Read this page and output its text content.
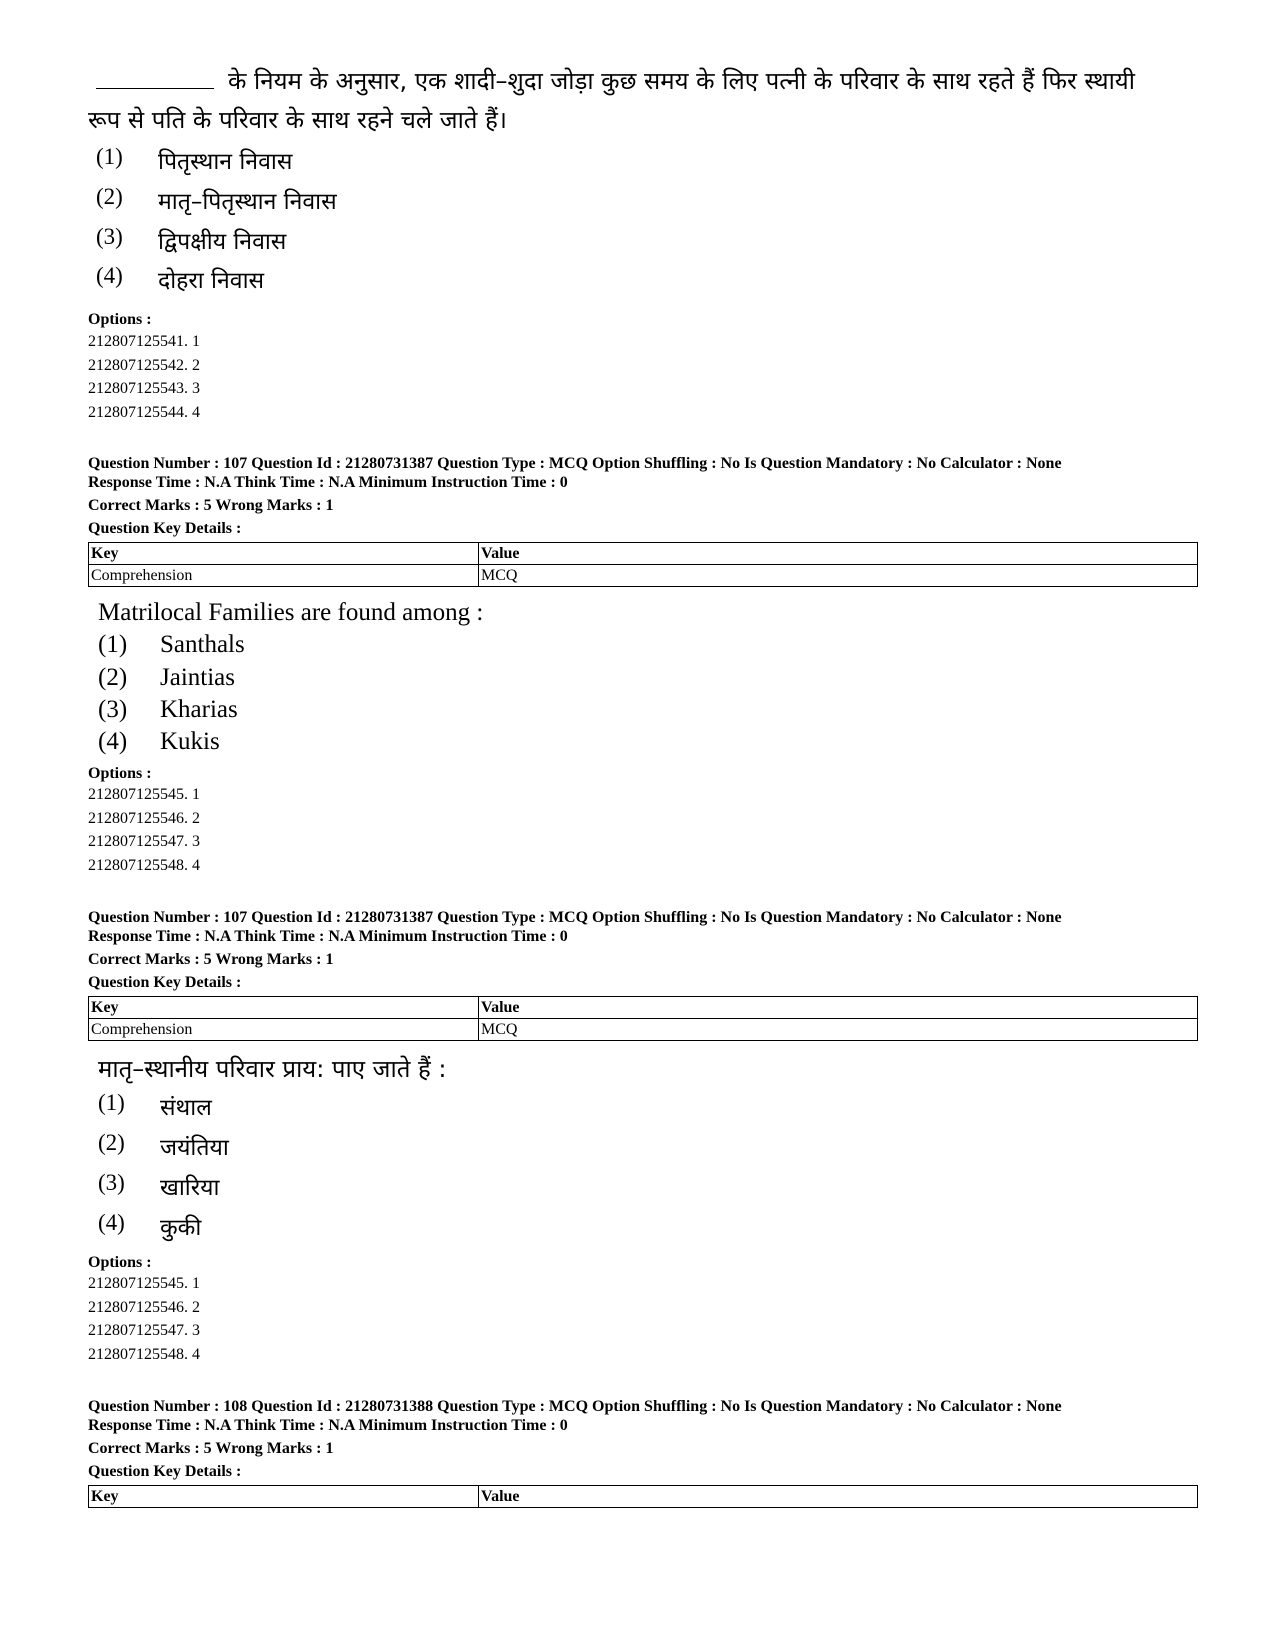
के नियम के अनुसार, एक शादी–शुदा जोड़ा कुछ समय के लिए पत्नी के परिवार के साथ रहते हैं फिर स्थायी
रूप से पति के परिवार के साथ रहने चले जाते हैं।
(1) पितृस्थान निवास
(2) मातृ–पितृस्थान निवास
(3) द्विपक्षीय निवास
(4) दोहरा निवास
Options :
212807125541. 1
212807125542. 2
212807125543. 3
212807125544. 4
Question Number : 107 Question Id : 21280731387 Question Type : MCQ Option Shuffling : No Is Question Mandatory : No Calculator : None
Response Time : N.A Think Time : N.A Minimum Instruction Time : 0
Correct Marks : 5 Wrong Marks : 1
Question Key Details :
Key	Value
Comprehension	MCQ
Matrilocal Families are found among :
(1) Santhals
(2) Jaintias
(3) Kharias
(4) Kukis
Options :
212807125545. 1
212807125546. 2
212807125547. 3
212807125548. 4
Question Number : 107 Question Id : 21280731387 Question Type : MCQ Option Shuffling : No Is Question Mandatory : No Calculator : None
Response Time : N.A Think Time : N.A Minimum Instruction Time : 0
Correct Marks : 5 Wrong Marks : 1
Question Key Details :
Key	Value
Comprehension	MCQ
मातृ–स्थानीय परिवार प्राय: पाए जाते हैं :
(1) संथाल
(2) जयंतिया
(3) खारिया
(4) कुकी
Options :
212807125545. 1
212807125546. 2
212807125547. 3
212807125548. 4
Question Number : 108 Question Id : 21280731388 Question Type : MCQ Option Shuffling : No Is Question Mandatory : No Calculator : None
Response Time : N.A Think Time : N.A Minimum Instruction Time : 0
Correct Marks : 5 Wrong Marks : 1
Question Key Details :
Key	Value
